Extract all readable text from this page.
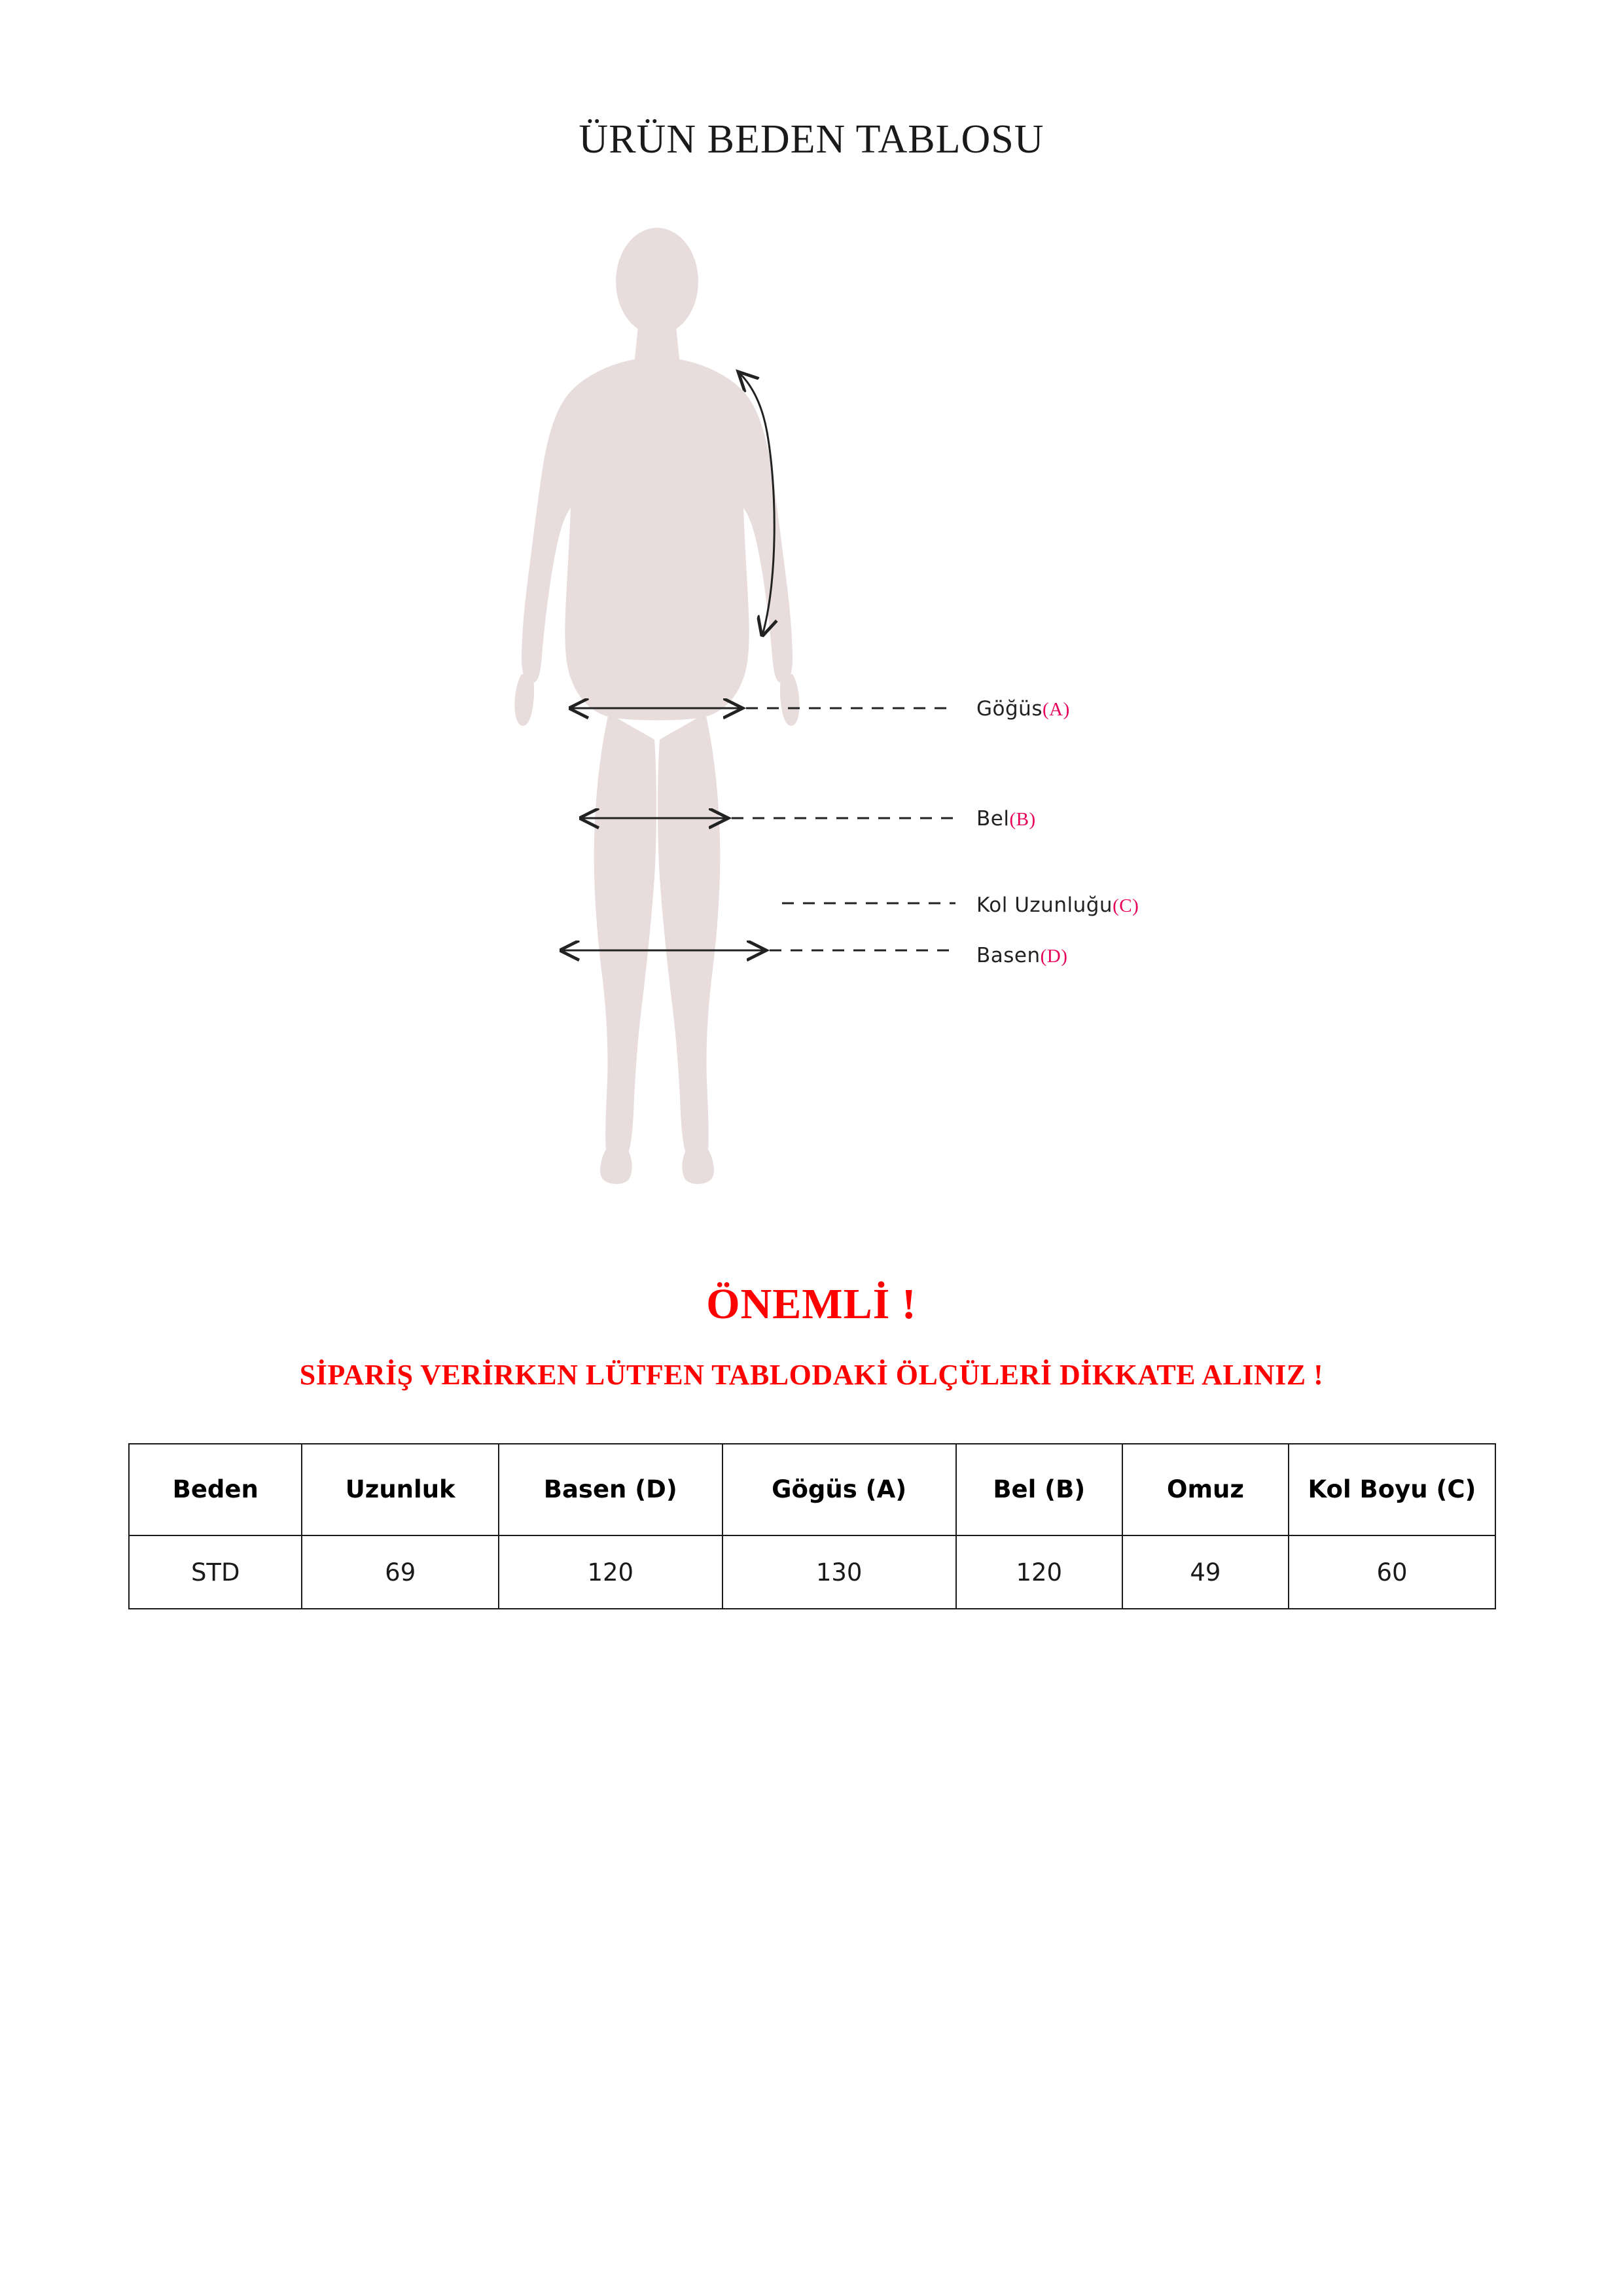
ÜRÜN BEDEN TABLOSU
Göğüs(A)
Bel(B)
Kol Uzunluğu(C)
Basen(D)
ÖNEMLİ !
SİPARİŞ VERİRKEN LÜTFEN TABLODAKİ ÖLÇÜLERİ DİKKATE ALINIZ !
Beden	Uzunluk	Basen (D)	Gögüs (A)	Bel (B)	Omuz	Kol Boyu (C)
STD	69	120	130	120	49	60
